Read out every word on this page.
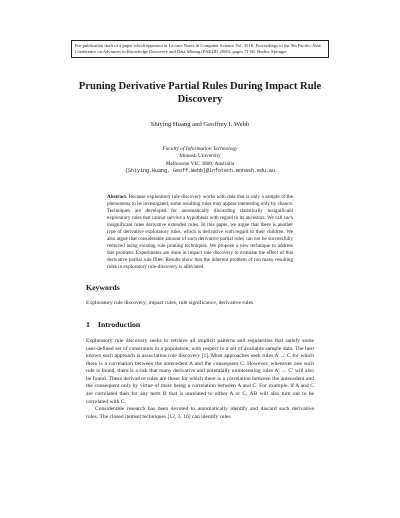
Pre-publication draft of a paper which appeared in Lecture Notes in Computer Science Vol. 3518: Proceedings of the 9th Pacific-Asia Conference on Advances in Knowledge Discovery and Data Mining (PAKDD 2005), pages 71-80. Berlin: Springer
Pruning Derivative Partial Rules During Impact Rule Discovery
Shiying Huang and Geoffrey I. Webb
Faculty of Information Technology
Monash University
Melbourne VIC 3800, Australia
{Shiying.Huang, Geoff.Webb}@infotech.monash.edu.au
Abstract. Because exploratory rule discovery works with data that is only a sample of the phenomena to be investigated, some resulting rules may appear interesting only by chance. Techniques are developed for automatically discarding statistically insignificant exploratory rules that cannot survive a hypothesis with regard to its ancestors. We call such insignificant rules derivative extended rules. In this paper, we argue that there is another type of derivative exploratory rules, which is derivative with regard to their children. We also argue that considerable amount of such derivative partial rules can not be successfully removed using existing rule pruning techniques. We propose a new technique to address this problem. Experiments are done in impact rule discovery to evaluate the effect of this derivative partial rule filter. Results show that the inherent problem of too many resulting rules in exploratory rule-discovery is alleviated.
Keywords
Exploratory rule discovery, impact rules, rule significance, derivative rules
1 Introduction

Exploratory rule discovery seeks to retrieve all implicit patterns and regularities that satisfy some user-defined set of constraints in a population, with respect to a set of available sample data. The best known such approach is association rule discovery [1]. Most approaches seek rules A → C for which there is a correlation between the antecedent A and the consequent C. However, whenever one such rule is found, there is a risk that many derivative and potentially uninteresting rules A′ → C′ will also be found. These derivative rules are those for which there is a correlation between the antecedent and the consequent only by virtue of there being a correlation between A and C. For example, if A and C are correlated then for any term B that is unrelated to either A or C, AB will also turn out to be correlated with C.

Considerable research has been devoted to automatically identify and discard such derivative rules. The closed itemset techniques [12, 3, 16] can identify rules
